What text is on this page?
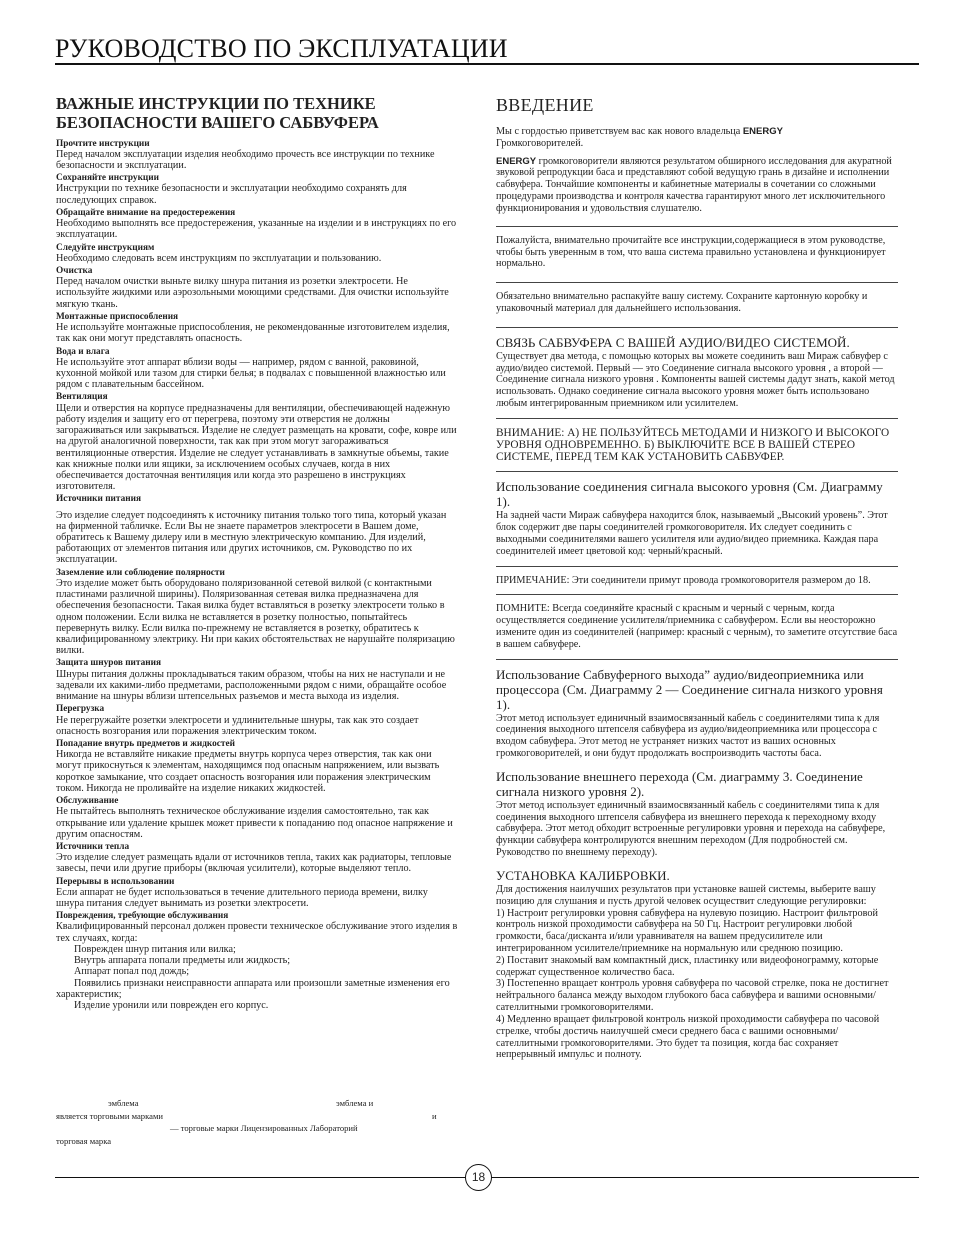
РУКОВОДСТВО ПО ЭКСПЛУАТАЦИИ
ВАЖНЫЕ ИНСТРУКЦИИ ПО ТЕХНИКЕ БЕЗОПАСНОСТИ ВАШЕГО САБВУФЕРА
Прочтите инструкции

Перед началом эксплуатации изделия необходимо прочесть все инструкции по технике безопасности и эксплуатации.

Сохраняйте инструкции

Инструкции по технике безопасности и эксплуатации необходимо сохранять для последующих справок.

Обращайте внимание на предостережения

Необходимо выполнять все предостережения, указанные на изделии и в инструкциях по его эксплуатации.

Следуйте инструкциям

Необходимо следовать всем инструкциям по эксплуатации и пользованию.

Очистка

Перед началом очистки выньте вилку шнура питания из розетки электросети. Не используйте жидкими или аэрозольными моющими средствами. Для очистки используйте мягкую ткань.

Монтажные приспособления

Не используйте монтажные приспособления, не рекомендованные изготовителем изделия, так как они могут представлять опасность.

Вода и влага

Не используйте этот аппарат вблизи воды — например, рядом с ванной, раковиной, кухонной мойкой или тазом для стирки белья; в подвалах с повышенной влажностью или рядом с плавательным бассейном.

Вентиляция

Щели и отверстия на корпусе предназначены для вентиляции, обеспечивающей надежную работу изделия и защиту его от перегрева, поэтому эти отверстия не должны загораживаться или закрываться. Изделие не следует размещать на кровати, софе, ковре или на другой аналогичной поверхности, так как при этом могут загораживаться вентиляционные отверстия. Изделие не следует устанавливать в замкнутые объемы, такие как книжные полки или ящики, за исключением особых случаев, когда в них обеспечивается достаточная вентиляция или когда это разрешено в инструкциях изготовителя.

Источники питания

Это изделие следует подсоединять к источнику питания только того типа, который указан на фирменной табличке. Если Вы не знаете параметров электросети в Вашем доме, обратитесь к Вашему дилеру или в местную электрическую компанию. Для изделий, работающих от элементов питания или других источников, см. Руководство по их эксплуатации.

Заземление или соблюдение полярности

Это изделие может быть оборудовано поляризованной сетевой вилкой (с контактными пластинами различной ширины). Поляризованная сетевая вилка предназначена для обеспечения безопасности. Такая вилка будет вставляться в розетку электросети только в одном положении. Если вилка не вставляется в розетку полностью, попытайтесь перевернуть вилку. Если вилка по-прежнему не вставляется в розетку, обратитесь к квалифицированному электрику. Ни при каких обстоятельствах не нарушайте поляризацию вилки.

Защита шнуров питания

Шнуры питания должны прокладываться таким образом, чтобы на них не наступали и не задевали их какими-либо предметами, расположенными рядом с ними, обращайте особое внимание на шнуры вблизи штепсельных разъемов и места выхода из изделия.

Перегрузка

Не перегружайте розетки электросети и удлинительные шнуры, так как это создает опасность возгорания или поражения электрическим током.

Попадание внутрь предметов и жидкостей

Никогда не вставляйте никакие предметы внутрь корпуса через отверстия, так как они могут прикоснуться к элементам, находящимся под опасным напряжением, или вызвать короткое замыкание, что создает опасность возгорания или поражения электрическим током. Никогда не проливайте на изделие никаких жидкостей.

Обслуживание

Не пытайтесь выполнять техническое обслуживание изделия самостоятельно, так как открывание или удаление крышек может привести к попаданию под опасное напряжение и другим опасностям.

Источники тепла

Это изделие следует размещать вдали от источников тепла, таких как радиаторы, тепловые завесы, печи или другие приборы (включая усилители), которые выделяют тепло.

Перерывы в использовании

Если аппарат не будет использоваться в течение длительного периода времени, вилку шнура питания следует вынимать из розетки электросети.

Повреждения, требующие обслуживания

Квалифицированный персонал должен провести техническое обслуживание этого изделия в тех случаях, когда:

Поврежден шнур питания или вилка;

Внутрь аппарата попали предметы или жидкость;

Аппарат попал под дождь;

Появились признаки неисправности аппарата или произошли заметные изменения его характеристик;

Изделие уронили или поврежден его корпус.

эмблема	эмблема и
является торговыми марками	и
— торговые марки Лицензированных Лабораторий
торговая марка
ВВЕДЕНИЕ

Мы с гордостью приветствуем вас как нового владельца ENERGY
Громкоговорителей.

ENERGY громкоговорители являются результатом обширного исследования для акуратной звуковой репродукции баса и представляют собой ведущую грань в дизайне и исполнении сабвуфера. Тончайшие компоненты и кабинетные материалы в сочетании со сложными процедурами производства и контроля качества гарантируют много лет исключительного функционирования и удовольствия слушателю.

Пожалуйста, внимательно прочитайте все инструкции,содержащиеся в этом руководстве, чтобы быть уверенным в том, что ваша система правильно установлена и функционирует нормально.

Обязательно внимательно распакуйте вашу систему. Сохраните картонную коробку и упаковочный материал для дальнейшего использования.

СВЯЗЬ САБВУФЕРА С ВАШЕЙ АУДИО/ВИДЕО СИСТЕМОЙ.

Существует два метода, с помощью которых вы можете соединить ваш Мираж сабвуфер с аудио/видео системой. Первый — это Соединение сигнала высокого уровня , а второй — Соединение сигнала низкого уровня . Компоненты вашей системы дадут знать, какой метод использовать. Однако соединение сигнала высокого уровня может быть использовано любым интегрированным приемником или усилителем.

ВНИМАНИЕ: А) НЕ ПОЛЬЗУЙТЕСЬ МЕТОДАМИ И НИЗКОГО И ВЫСОКОГО УРОВНЯ ОДНОВРЕМЕННО. Б) ВЫКЛЮЧИТЕ ВСЕ В ВАШЕЙ СТЕРЕО СИСТЕМЕ, ПЕРЕД ТЕМ КАК УСТАНОВИТЬ САБВУФЕР.

Использование соединения сигнала высокого уровня (См. Диаграмму 1).

На задней части Мираж сабвуфера находится блок, называемый „Высокий уровень”. Этот блок содержит две пары соединителей громкоговорителя. Их следует соединить с выходными соединителями вашего усилителя или аудио/видео приемника. Каждая пара соединителей имеет цветовой код: черный/красный.

ПРИМЕЧАНИЕ: Эти соединители примут провода громкоговорителя размером до 18.

ПОМНИТЕ: Всегда соединяйте красный с красным и черный с черным, когда осуществляется соединение усилителя/приемника с сабвуфером. Если вы неосторожно измените один из соединителей (например: красный с черным), то заметите отсутствие баса в вашем сабвуфере.

Использование Сабвуферного выхода” аудио/видеоприемника или процессора (См. Диаграмму 2 — Соединение сигнала низкого уровня 1).

Этот метод использует единичный взаимосвязанный кабель с соединителями типа к для соединения выходного штепселя сабвуфера из аудио/видеоприемника или процессора с входом сабвуфера. Этот метод не устраняет низких частот из ваших основных громкоговорителей, и они будут продолжать воспроизводить частоты баса.

Использование внешнего перехода (См. диаграмму 3. Соединение сигнала низкого уровня 2).

Этот метод использует единичный взаимосвязанный кабель с соединителями типа к для соединения выходного штепселя сабвуфера из внешнего перехода к переходному входу сабвуфера. Этот метод обходит встроенные регулировки уровня и перехода на сабвуфере, функции сабвуфера контролируются внешним переходом (Для подробностей см. Руководство по внешнему переходу).

УСТАНОВКА КАЛИБРОВКИ.

Для достижения наилучших результатов при установке вашей системы, выберите вашу позицию для слушания и пусть другой человек осуществит следующие регулировки:

1) Настроит регулировки уровня сабвуфера на нулевую позицию. Настроит фильтровой контроль низкой проходимости сабвуфера на 50 Гц. Настроит регулировки любой громкости, баса/дисканта и/или уравнивателя на вашем предусилителе или интегрированном усилителе/приемнике на нормальную или среднюю позицию.

2) Поставит знакомый вам компактный диск, пластинку или видеофонограмму, которые содержат существенное количество баса.

3) Постепенно вращает контроль уровня сабвуфера по часовой стрелке, пока не достигнет нейтрального баланса между выходом глубокого баса сабвуфера и вашими основными/сателлитными громкоговорителями.

4) Медленно вращает фильтровой контроль низкой проходимости сабвуфера по часовой стрелке, чтобы достичь наилучшей смеси среднего баса с вашими основными/сателлитными громкоговорителями. Это будет та позиция, когда бас сохраняет непрерывный импульс и полноту.

18
